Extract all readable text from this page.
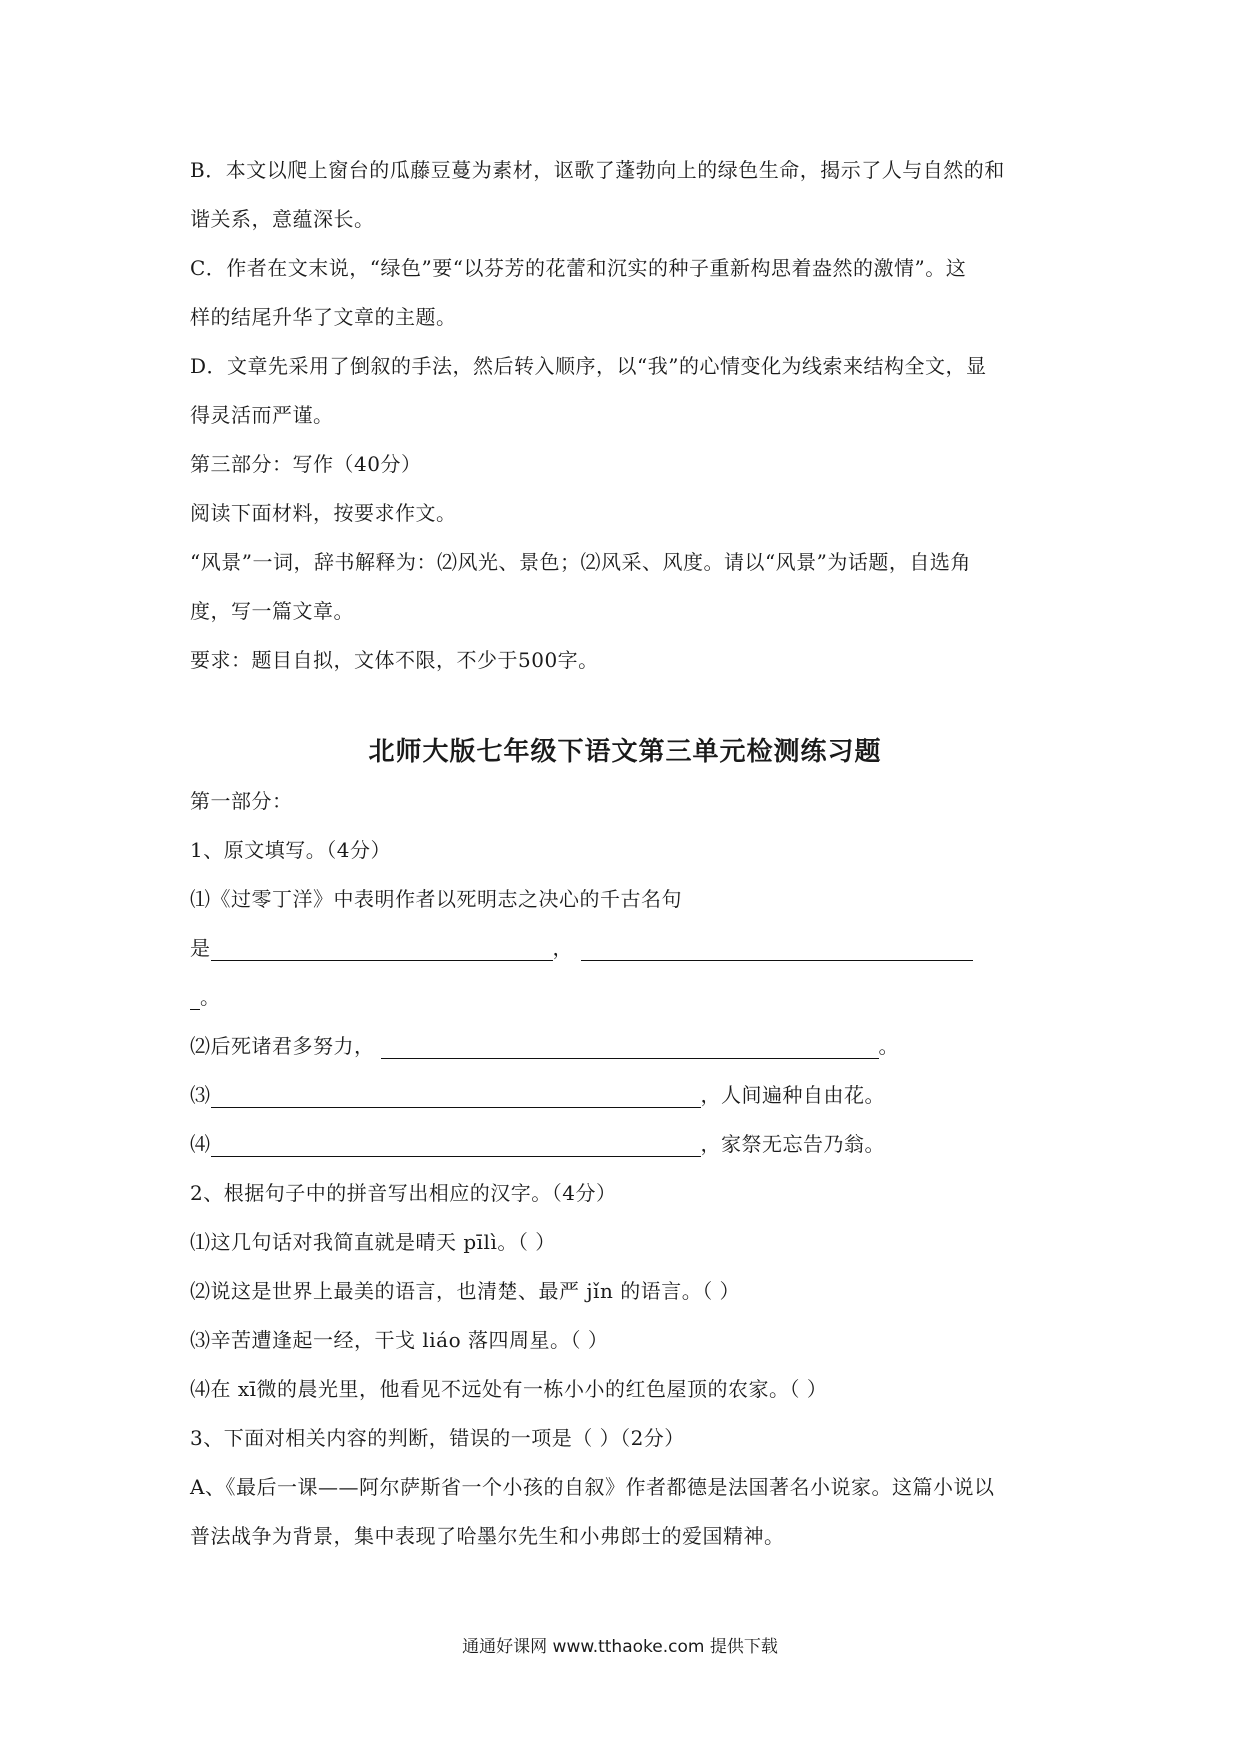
B．本文以爬上窗台的瓜藤豆蔓为素材，讴歌了蓬勃向上的绿色生命，揭示了人与自然的和
谐关系，意蕴深长。
C．作者在文末说，“绿色”要“以芬芳的花蕾和沉实的种子重新构思着盎然的激情”。这
样的结尾升华了文章的主题。
D．文章先采用了倒叙的手法，然后转入顺序，以“我”的心情变化为线索来结构全文，显
得灵活而严谨。
第三部分：写作（40分）
阅读下面材料，按要求作文。
“风景”一词，辞书解释为：⑵风光、景色；⑵风采、风度。请以“风景”为话题，自选角
度，写一篇文章。
要求：题目自拟，文体不限，不少于500字。
北师大版七年级下语文第三单元检测练习题
第一部分：
1、原文填写。（4分）
⑴《过零丁洋》中表明作者以死明志之决心的千古名句
是	，
。
⑵后死诸君多努力，	。
⑶	，人间遍种自由花。
⑷	，家祭无忘告乃翁。
2、根据句子中的拼音写出相应的汉字。（4分）
⑴这几句话对我简直就是晴天 pīlì。（ ）
⑵说这是世界上最美的语言，也清楚、最严 jǐn 的语言。（ ）
⑶辛苦遭逢起一经，干戈 liáo 落四周星。（ ）
⑷在 xī微的晨光里，他看见不远处有一栋小小的红色屋顶的农家。（ ）
3、下面对相关内容的判断，错误的一项是（ ）（2分）
A、《最后一课——阿尔萨斯省一个小孩的自叙》作者都德是法国著名小说家。这篇小说以
普法战争为背景，集中表现了哈墨尔先生和小弗郎士的爱国精神。
通通好课网 www.tthaoke.com 提供下载
